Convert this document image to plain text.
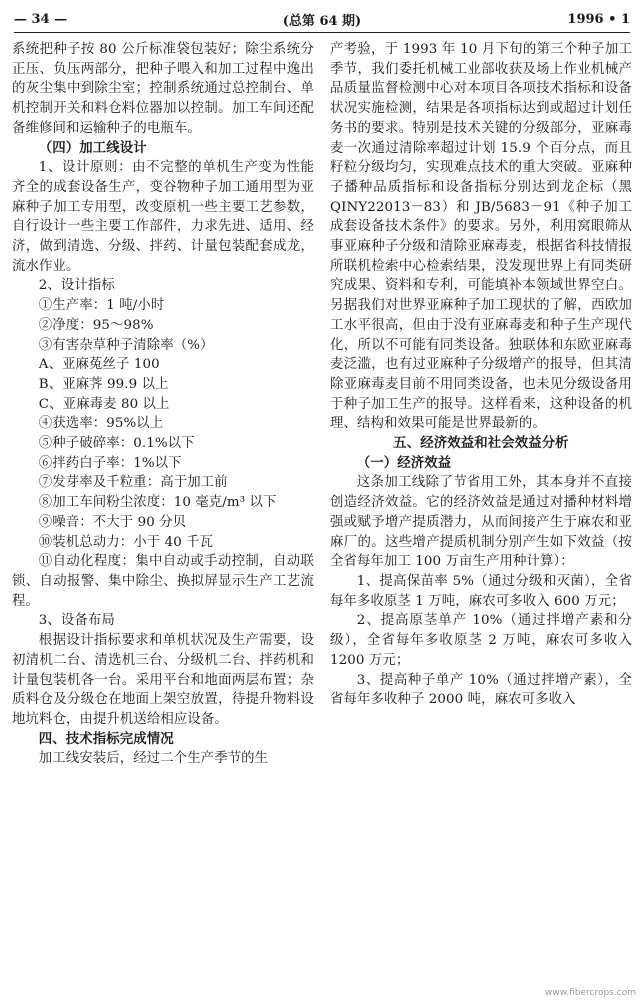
— 34 —	(总第 64 期)	1996 • 1

系统把种子按 80 公斤标准袋包装好；除尘系统分正压、负压两部分，把种子喂入和加工过程中逸出的灰尘集中到除尘室；控制系统通过总控制台、单机控制开关和料仓料位器加以控制。加工车间还配备维修间和运输种子的电瓶车。

（四）加工线设计

1、设计原则：由不完整的单机生产变为性能齐全的成套设备生产，变谷物种子加工通用型为亚麻种子加工专用型，改变原机一些主要工艺参数，自行设计一些主要工作部件，力求先进、适用、经济，做到清选、分级、拌药、计量包装配套成龙，流水作业。

2、设计指标

①生产率：1 吨/小时

②净度：95～98%

③有害杂草种子清除率（%）

A、亚麻菟丝子 100

B、亚麻荠 99.9 以上

C、亚麻毒麦 80 以上

④获选率：95%以上

⑤种子破碎率：0.1%以下

⑥拌药白子率：1%以下

⑦发芽率及千粒重：高于加工前

⑧加工车间粉尘浓度：10 毫克/m³ 以下

⑨噪音：不大于 90 分贝

⑩装机总动力：小于 40 千瓦

⑪自动化程度：集中自动或手动控制，自动联锁、自动报警、集中除尘、换拟屏显示生产工艺流程。

3、设备布局

根据设计指标要求和单机状况及生产需要，设初清机二台、清选机三台、分级机二台、拌药机和计量包装机各一台。采用平台和地面两层布置；杂质料仓及分级仓在地面上架空放置，待提升物料设地坑料仓，由提升机送给相应设备。

四、技术指标完成情况

加工线安装后，经过二个生产季节的生

产考验，于 1993 年 10 月下旬的第三个种子加工季节，我们委托机械工业部收获及场上作业机械产品质量监督检测中心对本项目各项技术指标和设备状况实施检测，结果是各项指标达到或超过计划任务书的要求。特别是技术关键的分级部分，亚麻毒麦一次通过清除率超过计划 15.9 个百分点，而且籽粒分级均匀，实现难点技术的重大突破。亚麻种子播种品质指标和设备指标分别达到龙企标（黑 QINY22013－83）和 JB/5683－91《种子加工成套设备技术条件》的要求。另外，利用窝眼筛从事亚麻种子分级和清除亚麻毒麦，根据省科技情报所联机检索中心检索结果，没发现世界上有同类研究成果、资料和专利，可能填补本领域世界空白。另据我们对世界亚麻种子加工现状的了解，西欧加工水平很高，但由于没有亚麻毒麦和种子生产现代化，所以不可能有同类设备。独联体和东欧亚麻毒麦泛滥，也有过亚麻种子分级增产的报导，但其清除亚麻毒麦目前不用同类设备，也未见分级设备用于种子加工生产的报导。这样看来，这种设备的机理、结构和效果可能是世界最新的。

五、经济效益和社会效益分析

（一）经济效益

这条加工线除了节省用工外，其本身并不直接创造经济效益。它的经济效益是通过对播种材料增强或赋予增产提质潜力，从而间接产生于麻农和亚麻厂的。这些增产提质机制分别产生如下效益（按全省每年加工 100 万亩生产用种计算）：

1、提高保苗率 5%（通过分级和灭菌），全省每年多收原茎 1 万吨，麻农可多收入 600 万元；

2、提高原茎单产 10%（通过拌增产素和分级），全省每年多收原茎 2 万吨，麻农可多收入 1200 万元；

3、提高种子单产 10%（通过拌增产素），全省每年多收种子 2000 吨，麻农可多收入

www.fibercrops.com
